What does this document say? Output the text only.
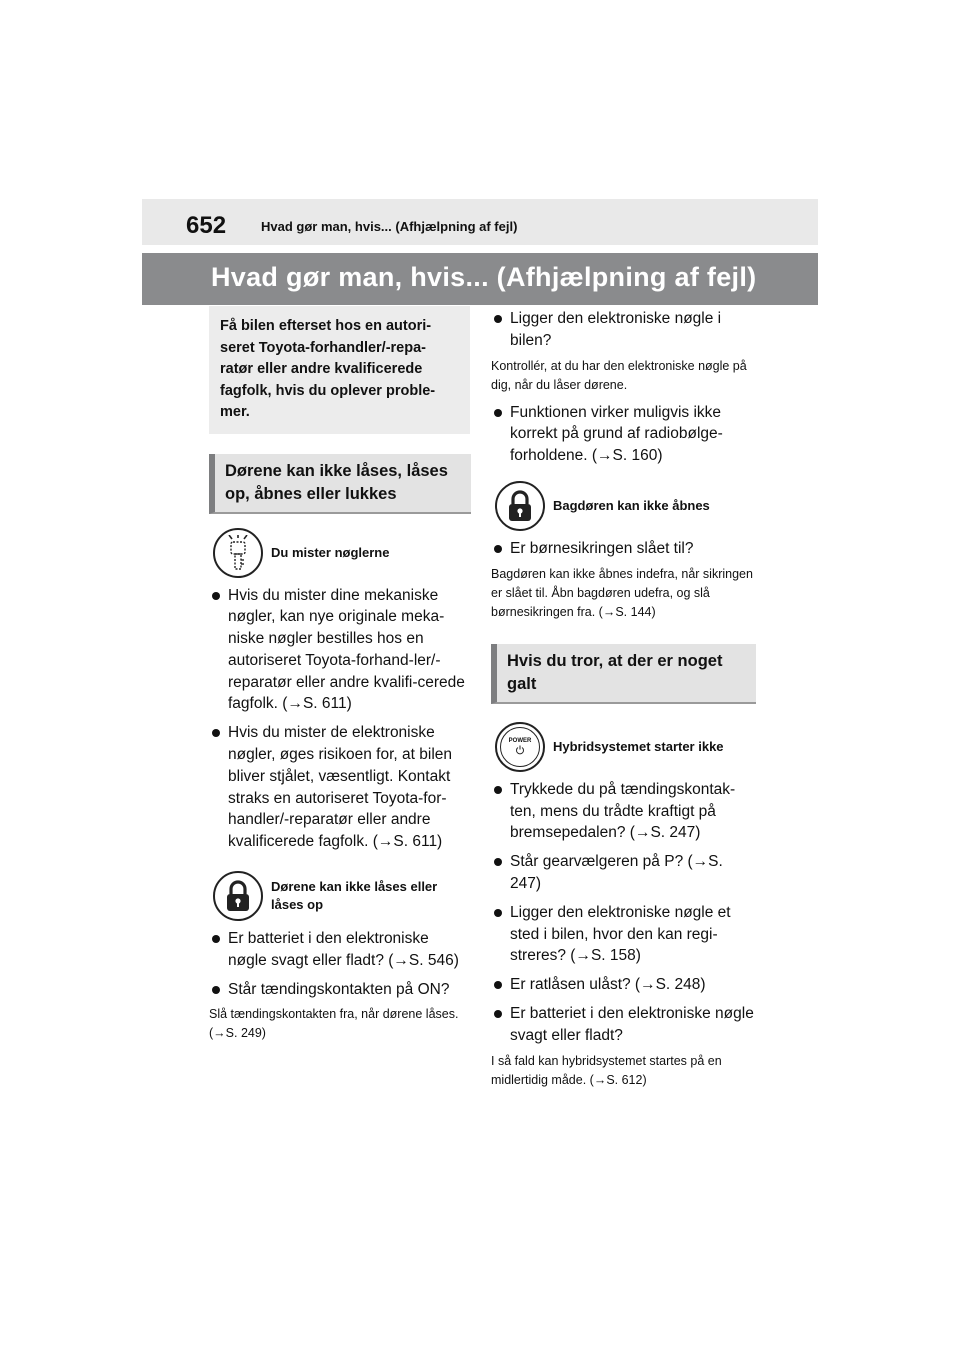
652	Hvad gør man, hvis... (Afhjælpning af fejl)
Hvad gør man, hvis... (Afhjælpning af fejl)
Få bilen efterset hos en autori-seret Toyota-forhandler/-repa-ratør eller andre kvalificerede fagfolk, hvis du oplever proble-mer.
Dørene kan ikke låses, låses op, åbnes eller lukkes
Du mister nøglerne
Hvis du mister dine mekaniske nøgler, kan nye originale meka-niske nøgler bestilles hos en autoriseret Toyota-forhand-ler/-reparatør eller andre kvalifi-cerede fagfolk. (→S. 611)
Hvis du mister de elektroniske nøgler, øges risikoen for, at bilen bliver stjålet, væsentligt. Kontakt straks en autoriseret Toyota-for-handler/-reparatør eller andre kvalificerede fagfolk. (→S. 611)
Dørene kan ikke låses eller låses op
Er batteriet i den elektroniske nøgle svagt eller fladt? (→S. 546)
Står tændingskontakten på ON?
Slå tændingskontakten fra, når dørene låses. (→S. 249)
Ligger den elektroniske nøgle i bilen?
Kontrollér, at du har den elektroniske nøgle på dig, når du låser dørene.
Funktionen virker muligvis ikke korrekt på grund af radiobølge-forholdene. (→S. 160)
Bagdøren kan ikke åbnes
Er børnesikringen slået til?
Bagdøren kan ikke åbnes indefra, når sikringen er slået til. Åbn bagdøren udefra, og slå børnesikringen fra. (→S. 144)
Hvis du tror, at der er noget galt
POWER Hybridsystemet starter ikke
Trykkede du på tændingskontak-ten, mens du trådte kraftigt på bremsepedalen? (→S. 247)
Står gearvælgeren på P? (→S. 247)
Ligger den elektroniske nøgle et sted i bilen, hvor den kan regi-streres? (→S. 158)
Er ratlåsen ulåst? (→S. 248)
Er batteriet i den elektroniske nøgle svagt eller fladt?
I så fald kan hybridsystemet startes på en midlertidig måde. (→S. 612)
